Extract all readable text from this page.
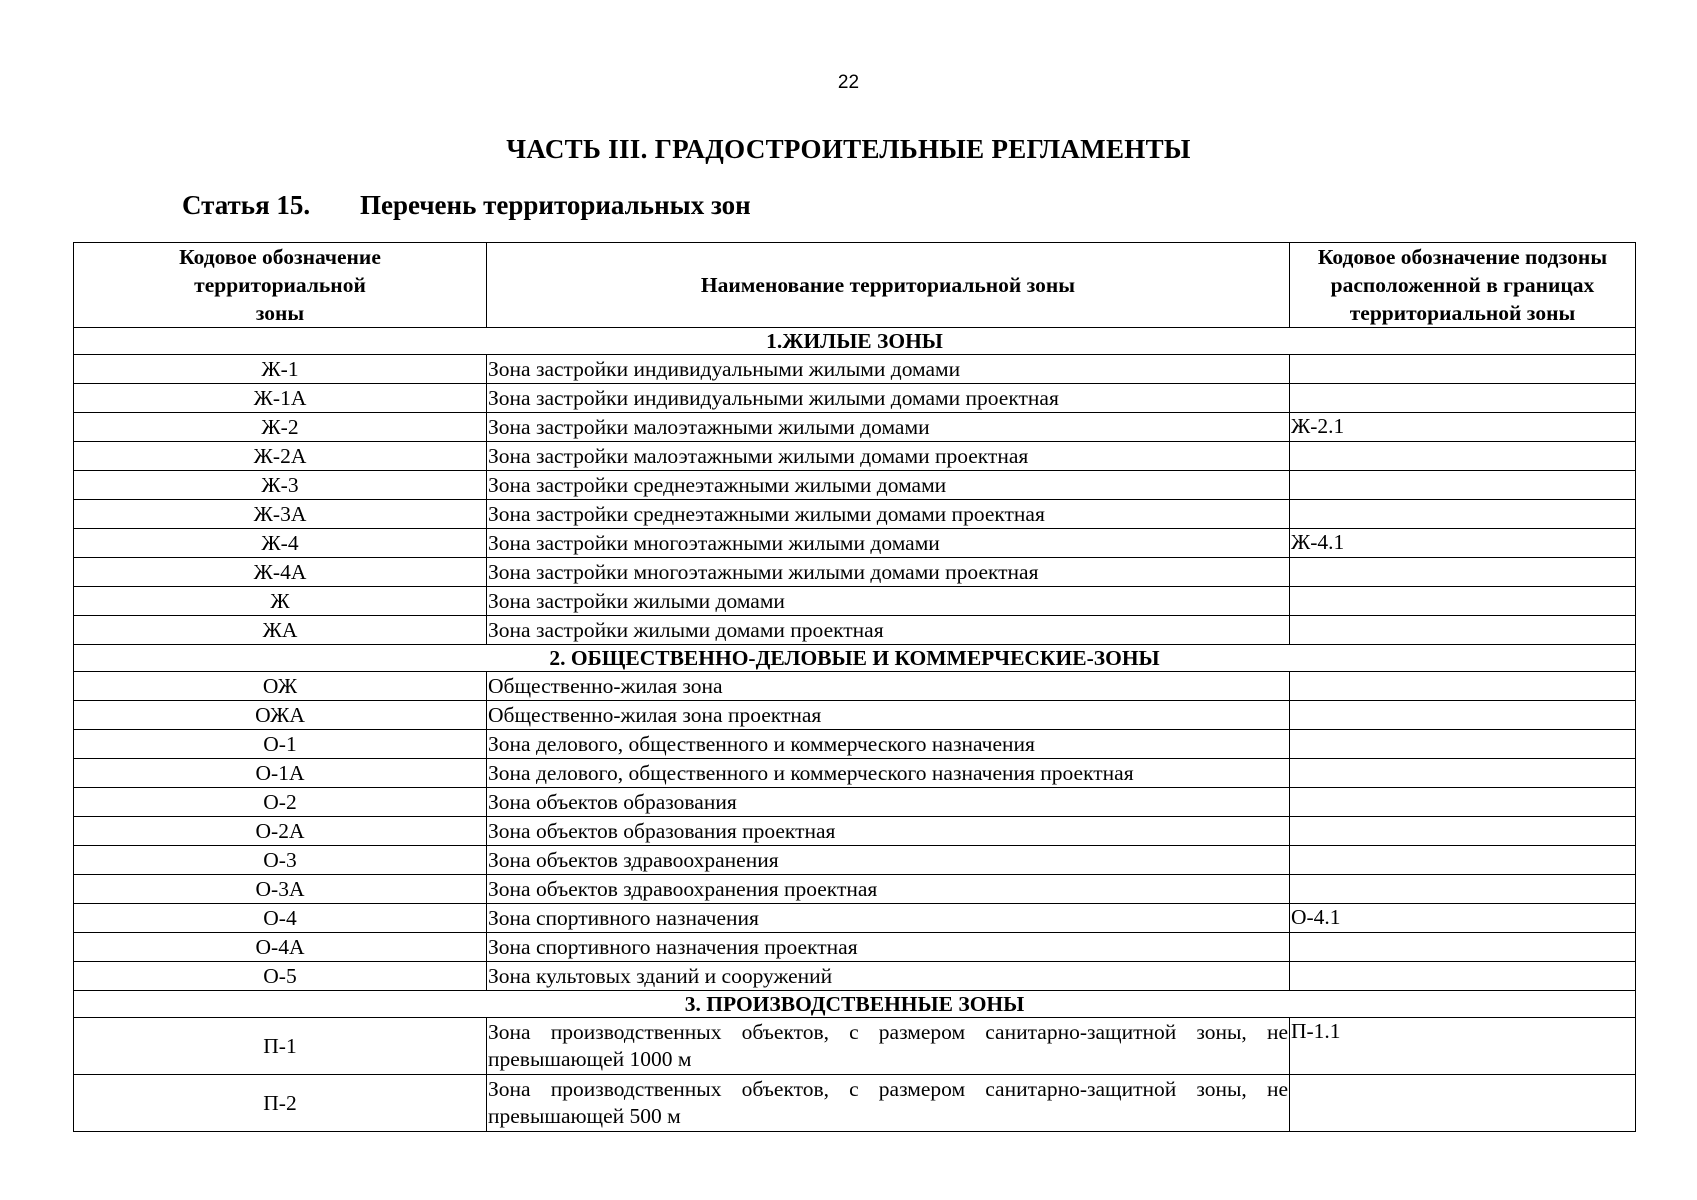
22
ЧАСТЬ III. ГРАДОСТРОИТЕЛЬНЫЕ РЕГЛАМЕНТЫ
Статья 15. Перечень территориальных зон
Кодовое обозначение территориальной зоны	Наименование территориальной зоны	Кодовое обозначение подзоны расположенной в границах территориальной зоны

1.ЖИЛЫЕ ЗОНЫ		
Ж-1	Зона застройки индивидуальными жилыми домами	
Ж-1А	Зона застройки индивидуальными жилыми домами проектная	
Ж-2	Зона застройки малоэтажными жилыми домами	Ж-2.1
Ж-2А	Зона застройки малоэтажными жилыми домами проектная	
Ж-3	Зона застройки среднеэтажными жилыми домами	
Ж-3А	Зона застройки среднеэтажными жилыми домами проектная	
Ж-4	Зона застройки многоэтажными жилыми домами	Ж-4.1
Ж-4А	Зона застройки многоэтажными жилыми домами проектная	
Ж	Зона застройки жилыми домами	
ЖА	Зона застройки жилыми домами проектная	
2. ОБЩЕСТВЕННО-ДЕЛОВЫЕ И КОММЕРЧЕСКИЕ-ЗОНЫ		
ОЖ	Общественно-жилая зона	
ОЖА	Общественно-жилая зона проектная	
О-1	Зона делового, общественного и коммерческого назначения	
О-1А	Зона делового, общественного и коммерческого назначения проектная	
О-2	Зона объектов образования	
О-2А	Зона объектов образования проектная	
О-3	Зона объектов здравоохранения	
О-3А	Зона объектов здравоохранения проектная	
О-4	Зона спортивного назначения	О-4.1
О-4А	Зона спортивного назначения проектная	
О-5	Зона культовых зданий и сооружений	
3. ПРОИЗВОДСТВЕННЫЕ ЗОНЫ		
П-1	Зона производственных объектов, с размером санитарно-защитной зоны, не превышающей 1000 м	П-1.1
П-2	Зона производственных объектов, с размером санитарно-защитной зоны, не превышающей 500 м	
